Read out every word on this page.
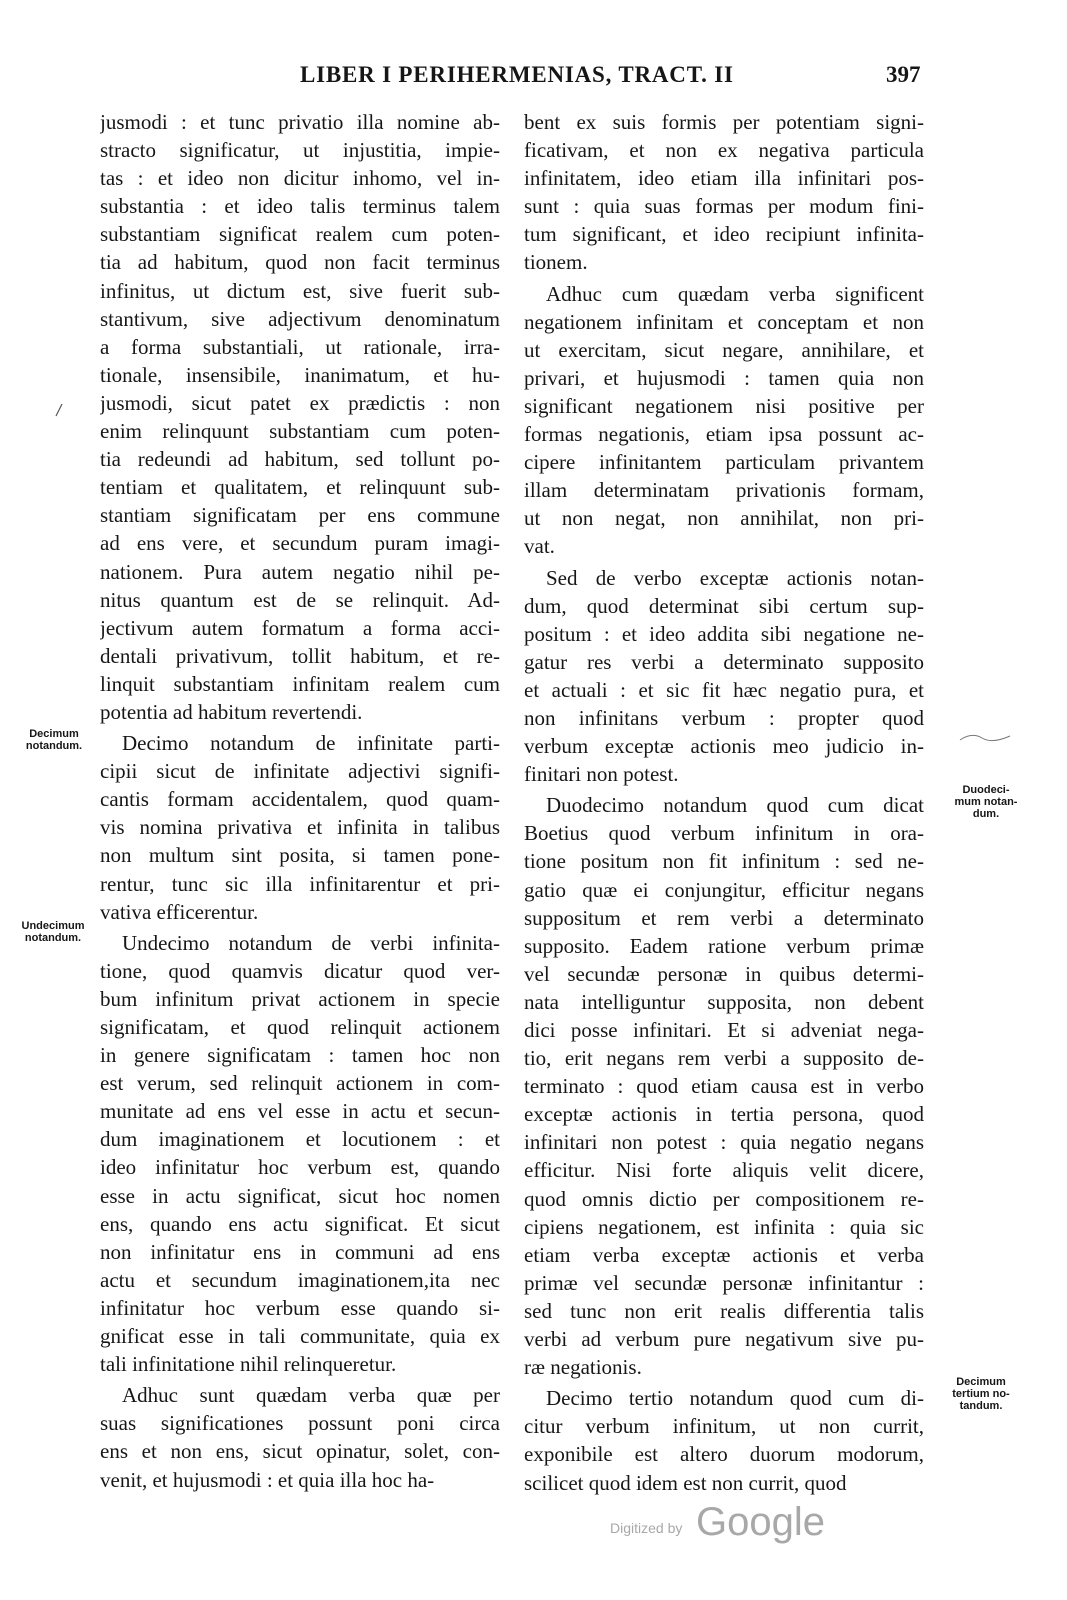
LIBER I PERIHERMENIAS, TRACT. II	397
jusmodi : et tunc privatio illa nomine ab-
stracto significatur, ut injustitia, impie-
tas : et ideo non dicitur inhomo, vel in-
substantia : et ideo talis terminus talem
substantiam significat realem cum poten-
tia ad habitum, quod non facit terminus
infinitus, ut dictum est, sive fuerit sub-
stantivum, sive adjectivum denominatum
a forma substantiali, ut rationale, irra-
tionale, insensibile, inanimatum, et hu-
jusmodi, sicut patet ex prædictis : non
enim relinquunt substantiam cum poten-
tia redeundi ad habitum, sed tollunt po-
tentiam et qualitatem, et relinquunt sub-
stantiam significatam per ens commune
ad ens vere, et secundum puram imagi-
nationem. Pura autem negatio nihil pe-
nitus quantum est de se relinquit. Ad-
jectivum autem formatum a forma acci-
dentali privativum, tollit habitum, et re-
linquit substantiam infinitam realem cum
potentia ad habitum revertendi.
Decimo notandum de infinitate parti-
cipii sicut de infinitate adjectivi signifi-
cantis formam accidentalem, quod quam-
vis nomina privativa et infinita in talibus
non multum sint posita, si tamen pone-
rentur, tunc sic illa infinitarentur et pri-
vativa efficerentur.
Undecimo notandum de verbi infinita-
tione, quod quamvis dicatur quod ver-
bum infinitum privat actionem in specie
significatam, et quod relinquit actionem
in genere significatam : tamen hoc non
est verum, sed relinquit actionem in com-
munitate ad ens vel esse in actu et secun-
dum imaginationem et locutionem : et
ideo infinitatur hoc verbum est, quando
esse in actu significat, sicut hoc nomen
ens, quando ens actu significat. Et sicut
non infinitatur ens in communi ad ens
actu et secundum imaginationem,ita nec
infinitatur hoc verbum esse quando si-
gnificat esse in tali communitate, quia ex
tali infinitatione nihil relinqueretur.
Adhuc sunt quædam verba quæ per
suas significationes possunt poni circa
ens et non ens, sicut opinatur, solet, con-
venit, et hujusmodi : et quia illa hoc ha-
bent ex suis formis per potentiam signi-
ficativam, et non ex negativa particula
infinitatem, ideo etiam illa infinitari pos-
sunt : quia suas formas per modum fini-
tum significant, et ideo recipiunt infinita-
tionem.
Adhuc cum quædam verba significent
negationem infinitam et conceptam et non
ut exercitam, sicut negare, annihilare, et
privari, et hujusmodi : tamen quia non
significant negationem nisi positive per
formas negationis, etiam ipsa possunt ac-
cipere infinitantem particulam privantem
illam determinatam privationis formam,
ut non negat, non annihilat, non pri-
vat.
Sed de verbo exceptæ actionis notan-
dum, quod determinat sibi certum sup-
positum : et ideo addita sibi negatione ne-
gatur res verbi a determinato supposito
et actuali : et sic fit hæc negatio pura, et
non infinitans verbum : propter quod
verbum exceptæ actionis meo judicio in-
finitari non potest.
Duodecimo notandum quod cum dicat
Boetius quod verbum infinitum in ora-
tione positum non fit infinitum : sed ne-
gatio quæ ei conjungitur, efficitur negans
suppositum et rem verbi a determinato
supposito. Eadem ratione verbum primæ
vel secundæ personæ in quibus determi-
nata intelliguntur supposita, non debent
dici posse infinitari. Et si adveniat nega-
tio, erit negans rem verbi a supposito de-
terminato : quod etiam causa est in verbo
exceptæ actionis in tertia persona, quod
infinitari non potest : quia negatio negans
efficitur. Nisi forte aliquis velit dicere,
quod omnis dictio per compositionem re-
cipiens negationem, est infinita : quia sic
etiam verba exceptæ actionis et verba
primæ vel secundæ personæ infinitantur :
sed tunc non erit realis differentia talis
verbi ad verbum pure negativum sive pu-
ræ negationis.
Decimo tertio notandum quod cum di-
citur verbum infinitum, ut non currit,
exponibile est altero duorum modorum,
scilicet quod idem est non currit, quod
Decimum
notandum.
Undecimum
notandum.
Duodeci-
mum notan-
dum.
Decimum
tertium no-
tandum.
Digitized by Google
